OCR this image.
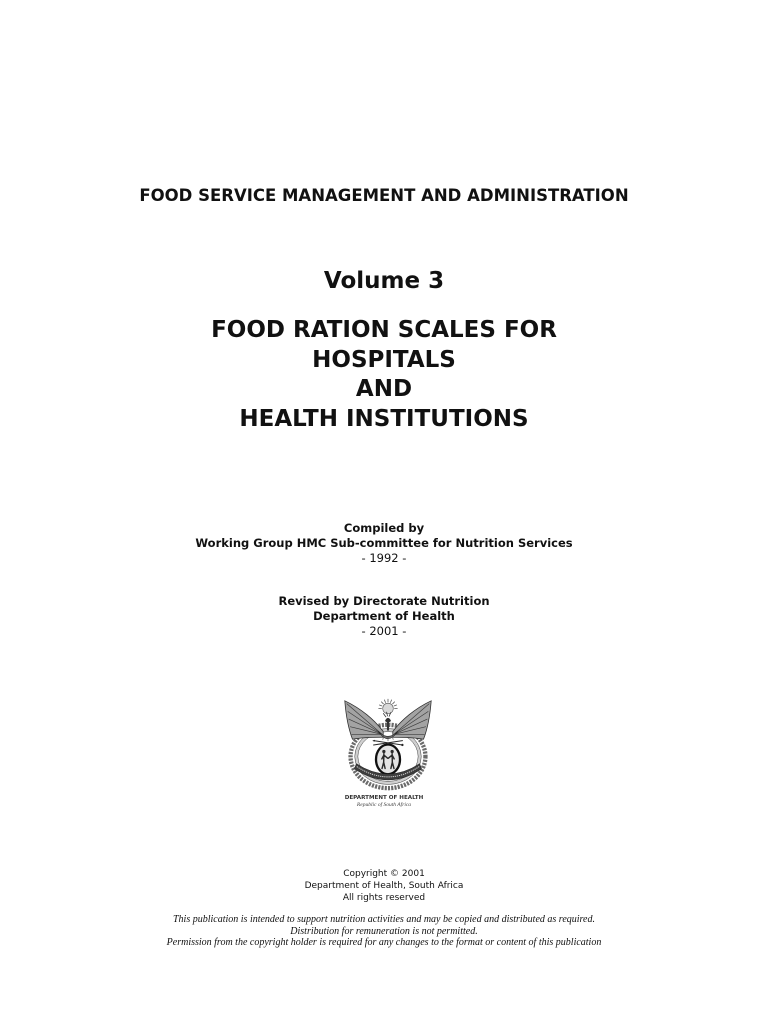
FOOD SERVICE MANAGEMENT AND ADMINISTRATION
Volume 3
FOOD RATION SCALES FOR
HOSPITALS
AND
HEALTH INSTITUTIONS
Compiled by
Working Group HMC Sub-committee for Nutrition Services
- 1992 -
Revised by Directorate Nutrition
Department of Health
- 2001 -
DEPARTMENT OF HEALTH
Republic of South Africa
Copyright © 2001
Department of Health, South Africa
All rights reserved
This publication is intended to support nutrition activities and may be copied and distributed as required.
Distribution for remuneration is not permitted.
Permission from the copyright holder is required for any changes to the format or content of this publication
